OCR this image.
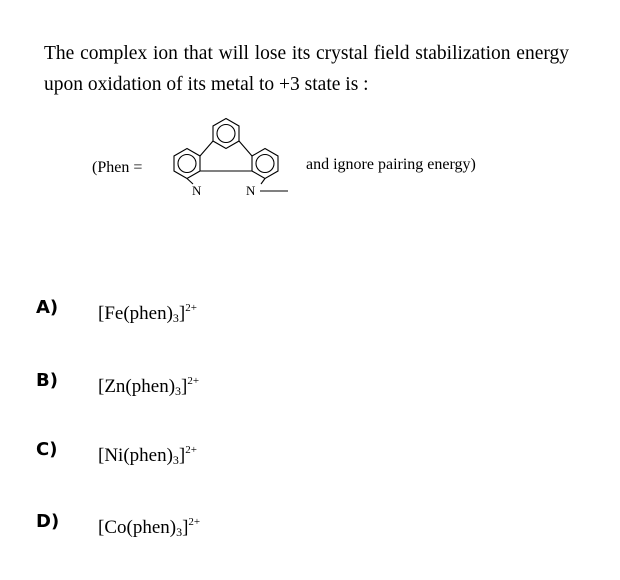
The complex ion that will lose its crystal field stabilization energy upon oxidation of its metal to +3 state is :

(Phen =
N	N
and ignore pairing energy)
A) $[Fe(phen)_3]^{2+}$
B) $[Zn(phen)_3]^{2+}$
C) $[Ni(phen)_3]^{2+}$
D) $[Co(phen)_3]^{2+}$
